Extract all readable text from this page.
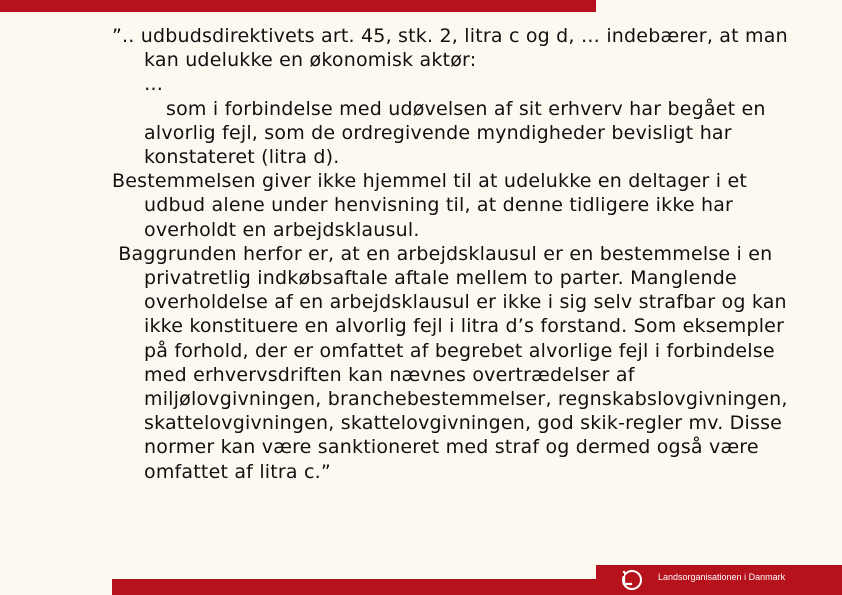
”.. udbudsdirektivets art. 45, stk. 2, litra c og d, … indebærer, at man kan udelukke en økonomisk aktør:

…

som i forbindelse med udøvelsen af sit erhverv har begået en alvorlig fejl, som de ordregivende myndigheder bevisligt har konstateret (litra d).

Bestemmelsen giver ikke hjemmel til at udelukke en deltager i et udbud alene under henvisning til, at denne tidligere ikke har overholdt en arbejdsklausul.

Baggrunden herfor er, at en arbejdsklausul er en bestemmelse i en privatretlig indkøbsaftale aftale mellem to parter. Manglende overholdelse af en arbejdsklausul er ikke i sig selv strafbar og kan ikke konstituere en alvorlig fejl i litra d’s forstand. Som eksempler på forhold, der er omfattet af begrebet alvorlige fejl i forbindelse med erhvervsdriften kan nævnes overtrædelser af miljølovgivningen, branchebestemmelser, regnskabslovgivningen, skattelovgivningen, skattelovgivningen, god skik-regler mv. Disse normer kan være sanktioneret med straf og dermed også være omfattet af litra c.”

Landsorganisationen i Danmark
